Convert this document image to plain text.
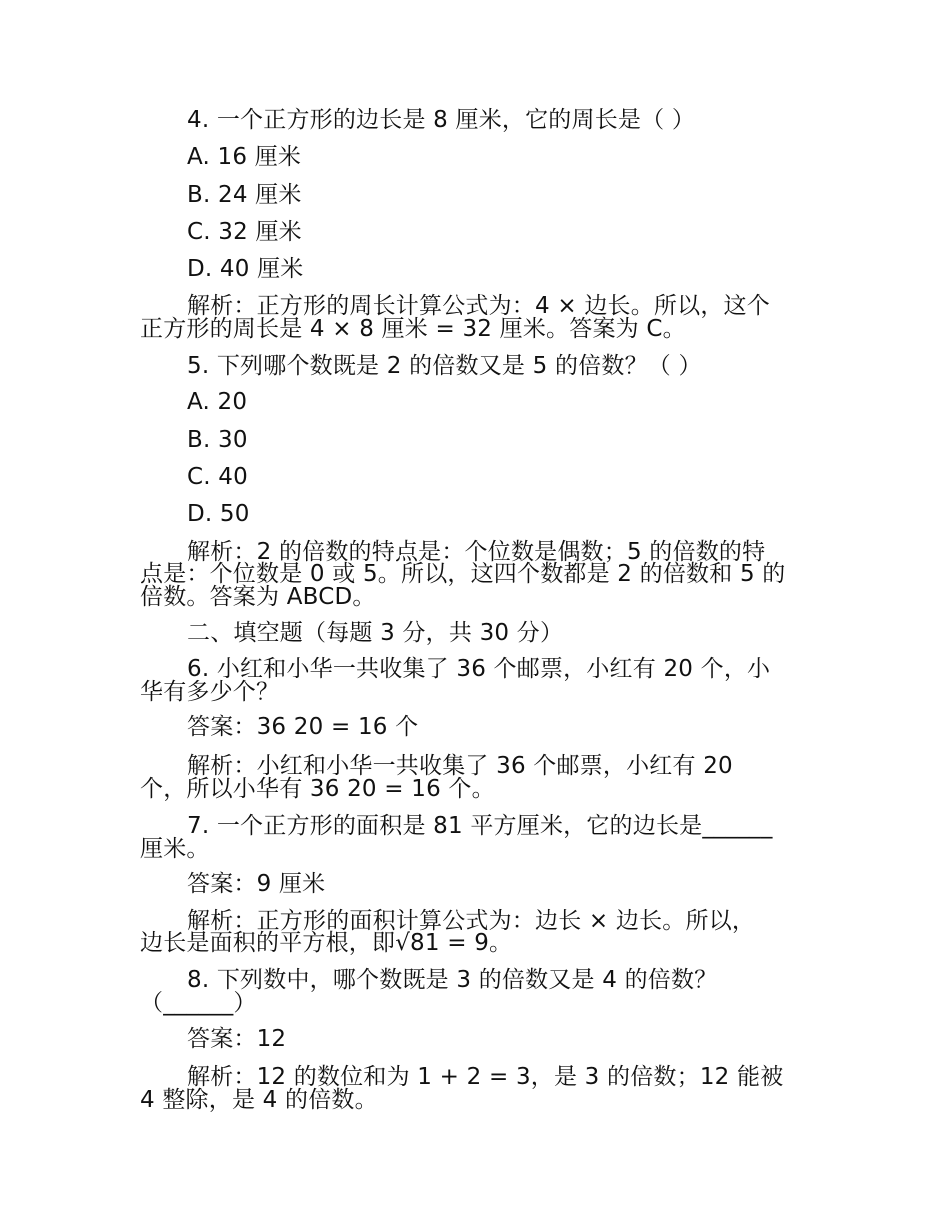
4. 一个正方形的边长是 8 厘米，它的周长是（ ）
A. 16 厘米
B. 24 厘米
C. 32 厘米
D. 40 厘米
解析：正方形的周长计算公式为：4 × 边长。所以，这个
正方形的周长是 4 × 8 厘米 = 32 厘米。答案为 C。
5. 下列哪个数既是 2 的倍数又是 5 的倍数？（ ）
A. 20
B. 30
C. 40
D. 50
解析：2 的倍数的特点是：个位数是偶数；5 的倍数的特
点是：个位数是 0 或 5。所以，这四个数都是 2 的倍数和 5 的
倍数。答案为 ABCD。
二、填空题（每题 3 分，共 30 分）
6. 小红和小华一共收集了 36 个邮票，小红有 20 个，小
华有多少个？
答案：36 20 = 16 个
解析：小红和小华一共收集了 36 个邮票，小红有 20
个，所以小华有 36 20 = 16 个。
7. 一个正方形的面积是 81 平方厘米，它的边长是______
厘米。
答案：9 厘米
解析：正方形的面积计算公式为：边长 × 边长。所以，
边长是面积的平方根，即√81 = 9。
8. 下列数中，哪个数既是 3 的倍数又是 4 的倍数？
（______）
答案：12
解析：12 的数位和为 1 + 2 = 3，是 3 的倍数；12 能被
4 整除，是 4 的倍数。
